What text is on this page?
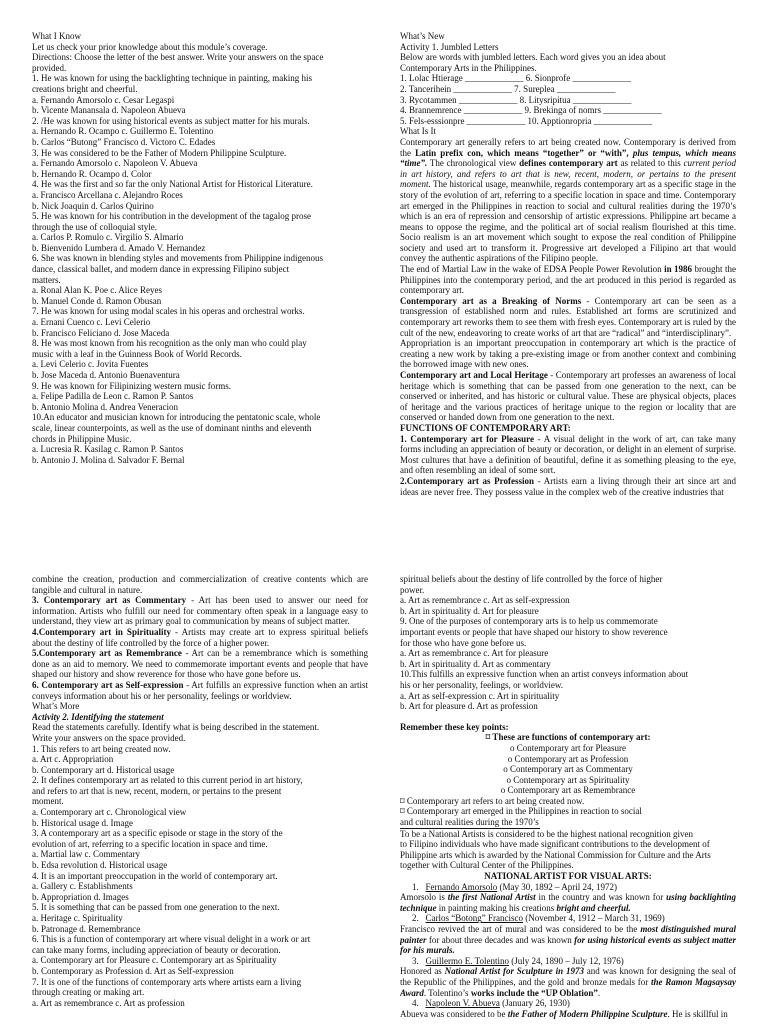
What I Know
Let us check your prior knowledge about this module’s coverage.
Directions: Choose the letter of the best answer. Write your answers on the space
provided.
1. He was known for using the backlighting technique in painting, making his
creations bright and cheerful.
a. Fernando Amorsolo c. Cesar Legaspi
b. Vicente Manansala d. Napoleon Abueva
2. /He was known for using historical events as subject matter for his murals.
a. Hernando R. Ocampo c. Guillermo E. Tolentino
b. Carlos “Butong” Francisco d. Victoro C. Edades
3. He was considered to be the Father of Modern Philippine Sculpture.
a. Fernando Amorsolo c. Napoleon V. Abueva
b. Hernando R. Ocampo d. Color
4. He was the first and so far the only National Artist for Historical Literature.
a. Francisco Arcellana c. Alejandro Roces
b. Nick Joaquin d. Carlos Quirino
5. He was known for his contribution in the development of the tagalog prose
through the use of colloquial style.
a. Carlos P. Romulo c. Virgilio S. Almario
b. Bienvenido Lumbera d. Amado V. Hernandez
6. She was known in blending styles and movements from Philippine indigenous
dance, classical ballet, and modern dance in expressing Filipino subject
matters.
a. Ronal Alan K. Poe c. Alice Reyes
b. Manuel Conde d. Ramon Obusan
7. He was known for using modal scales in his operas and orchestral works.
a. Ernani Cuenco c. Levi Celerio
b. Francisco Feliciano d. Jose Maceda
8. He was most known from his recognition as the only man who could play
music with a leaf in the Guinness Book of World Records.
a. Levi Celerio c. Jovita Fuentes
b. Jose Maceda d. Antonio Buenaventura
9. He was known for Filipinizing western music forms.
a. Felipe Padilla de Leon c. Ramon P. Santos
b. Antonio Molina d. Andrea Veneracion
10.An educator and musician known for introducing the pentatonic scale, whole
scale, linear counterpoints, as well as the use of dominant ninths and eleventh
chords in Philippine Music.
a. Lucresia R. Kasilag c. Ramon P. Santos
b. Antonio J. Molina d. Salvador F. Bernal
What’s New
Activity 1. Jumbled Letters
Below are words with jumbled letters. Each word gives you an idea about
Contemporary Arts in the Philippines.
1. Lolac Htierage _____________ 6. Sionprofe _____________
2. Tancerihein _____________ 7. Sureplea _____________
3. Rycotammen _____________ 8. Litysripitua _____________
4. Brannemrence _____________ 9. Brekinga of nomrs _____________
5. Fels-esssionpre _____________ 10. Apptionropria _____________
What Is It
Contemporary art generally refers to art being created now. Contemporary is derived from the Latin prefix con, which means “together” or “with”, plus tempus, which means “time”. The chronological view defines contemporary art as related to this current period in art history, and refers to art that is new, recent, modern, or pertains to the present moment. The historical usage, meanwhile, regards contemporary art as a specific stage in the story of the evolution of art, referring to a specific location in space and time. Contemporary art emerged in the Philippines in reaction to social and cultural realities during the 1970’s which is an era of repression and censorship of artistic expressions. Philippine art became a means to oppose the regime, and the political art of social realism flourished at this time. Socio realism is an art movement which sought to expose the real condition of Philippine society and used art to transform it. Progressive art developed a Filipino art that would convey the authentic aspirations of the Filipino people.
The end of Martial Law in the wake of EDSA People Power Revolution in 1986 brought the Philippines into the contemporary period, and the art produced in this period is regarded as contemporary art.
Contemporary art as a Breaking of Norms - Contemporary art can be seen as a transgression of established norm and rules. Established art forms are scrutinized and contemporary art reworks them to see them with fresh eyes. Contemporary art is ruled by the cult of the new, endeavoring to create works of art that are “radical” and “interdisciplinary”.
Appropriation is an important preoccupation in contemporary art which is the practice of creating a new work by taking a pre-existing image or from another context and combining the borrowed image with new ones.
Contemporary art and Local Heritage - Contemporary art professes an awareness of local heritage which is something that can be passed from one generation to the next, can be conserved or inherited, and has historic or cultural value. These are physical objects, places of heritage and the various practices of heritage unique to the region or locality that are conserved or handed down from one generation to the next.
FUNCTIONS OF CONTEMPORARY ART:
1. Contemporary art for Pleasure - A visual delight in the work of art, can take many forms including an appreciation of beauty or decoration, or delight in an element of surprise. Most cultures that have a definition of beautiful, define it as something pleasing to the eye, and often resembling an ideal of some sort.
2.Contemporary art as Profession - Artists earn a living through their art since art and ideas are never free. They possess value in the complex web of the creative industries that
combine the creation, production and commercialization of creative contents which are tangible and cultural in nature.
3. Contemporary art as Commentary - Art has been used to answer our need for information. Artists who fulfill our need for commentary often speak in a language easy to understand, they view art as primary goal to communication by means of subject matter.
4.Contemporary art in Spirituality - Artists may create art to express spiritual beliefs about the destiny of life controlled by the force of a higher power.
5.Contemporary art as Remembrance - Art can be a remembrance which is something done as an aid to memory. We need to commemorate important events and people that have shaped our history and show reverence for those who have gone before us.
6. Contemporary art as Self-expression - Art fulfills an expressive function when an artist conveys information about his or her personality, feelings or worldview.
What’s More
Activity 2. Identifying the statement
Read the statements carefully. Identify what is being described in the statement.
Write your answers on the space provided.
1. This refers to art being created now.
a. Art c. Appropriation
b. Contemporary art d. Historical usage
2. It defines contemporary art as related to this current period in art history,
and refers to art that is new, recent, modern, or pertains to the present
moment.
a. Contemporary art c. Chronological view
b. Historical usage d. Image
3. A contemporary art as a specific episode or stage in the story of the
evolution of art, referring to a specific location in space and time.
a. Martial law c. Commentary
b. Edsa revolution d. Historical usage
4. It is an important preoccupation in the world of contemporary art.
a. Gallery c. Establishments
b. Appropriation d. Images
5. It is something that can be passed from one generation to the next.
a. Heritage c. Spirituality
b. Patronage d. Remembrance
6. This is a function of contemporary art where visual delight in a work or art
can take many forms, including appreciation of beauty or decoration.
a. Contemporary art for Pleasure c. Contemporary art as Spirituality
b. Contemporary as Profession d. Art as Self-expression
7. It is one of the functions of contemporary arts where artists earn a living
through creating or making art.
a. Art as remembrance c. Art as profession
spiritual beliefs about the destiny of life controlled by the force of higher
power.
a. Art as remembrance c. Art as self-expression
b. Art in spirituality d. Art for pleasure
9. One of the purposes of contemporary arts is to help us commemorate
important events or people that have shaped our history to show reverence
for those who have gone before us.
a. Art as remembrance c. Art for pleasure
b. Art in spirituality d. Art as commentary
10.This fulfills an expressive function when an artist conveys information about
his or her personality, feelings, or worldview.
a. Art as self-expression c. Art in spirituality
b. Art for pleasure d. Art as profession
Remember these key points:
⌑ These are functions of contemporary art:
o Contemporary art for Pleasure
o Contemporary art as Profession
o Contemporary art as Commentary
o Contemporary art as Spirituality
o Contemporary art as Remembrance
⌑ Contemporary art refers to art being created now.
⌑ Contemporary art emerged in the Philippines in reaction to social
and cultural realities during the 1970’s
To be a National Artists is considered to be the highest national recognition given
to Filipino individuals who have made significant contributions to the development of
Philippine arts which is awarded by the National Commission for Culture and the Arts
together with Cultural Center of the Philippines.
NATIONAL ARTIST FOR VISUAL ARTS:
1. Fernando Amorsolo (May 30, 1892 – April 24, 1972)
Amorsolo is the first National Artist in the country and was known for using backlighting technique in painting making his creations bright and cheerful.
2. Carlos “Botong” Francisco (November 4, 1912 – March 31, 1969)
Francisco revived the art of mural and was considered to be the most distinguished mural painter for about three decades and was known for using historical events as subject matter for his murals.
3. Guillermo E. Tolentino (July 24, 1890 – July 12, 1976)
Honored as National Artist for Sculpture in 1973 and was known for designing the seal of the Republic of the Philippines, and the gold and bronze medals for the Ramon Magsaysay Award. Tolentino’s works include the “UP Oblation”.
4. Napoleon V. Abueva (January 26, 1930)
Abueva was considered to be the Father of Modern Philippine Sculpture. He is skillful in
